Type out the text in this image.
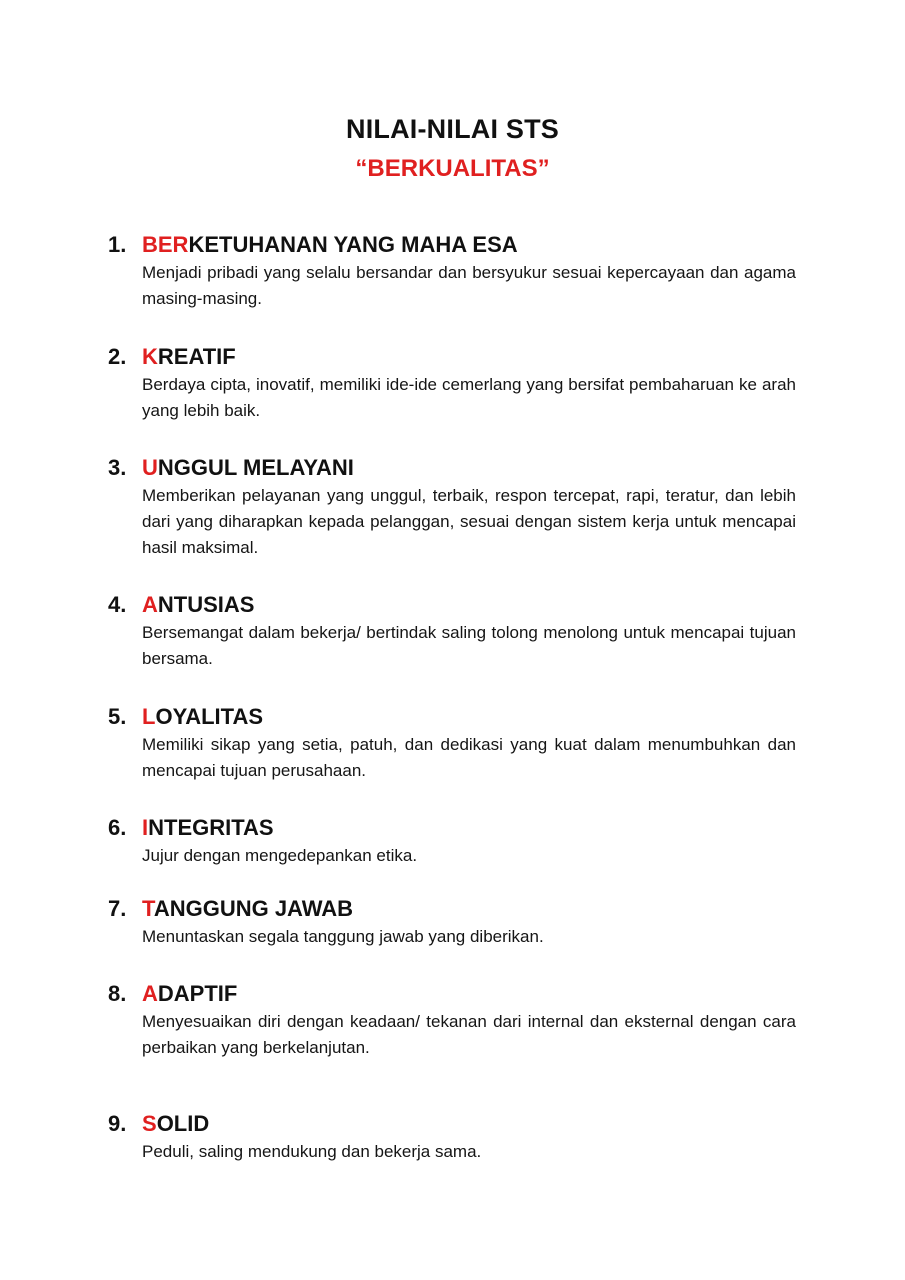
NILAI-NILAI STS
“BERKUALITAS”
1. BERKETUHANAN YANG MAHA ESA
Menjadi pribadi yang selalu bersandar dan bersyukur sesuai kepercayaan dan agama masing-masing.
2. KREATIF
Berdaya cipta, inovatif, memiliki ide-ide cemerlang yang bersifat pembaharuan ke arah yang lebih baik.
3. UNGGUL MELAYANI
Memberikan pelayanan yang unggul, terbaik, respon tercepat, rapi, teratur, dan lebih dari yang diharapkan kepada pelanggan, sesuai dengan sistem kerja untuk mencapai hasil maksimal.
4. ANTUSIAS
Bersemangat dalam bekerja/ bertindak saling tolong menolong untuk mencapai tujuan bersama.
5. LOYALITAS
Memiliki sikap yang setia, patuh, dan dedikasi yang kuat dalam menumbuhkan dan mencapai tujuan perusahaan.
6. INTEGRITAS
Jujur dengan mengedepankan etika.
7. TANGGUNG JAWAB
Menuntaskan segala tanggung jawab yang diberikan.
8. ADAPTIF
Menyesuaikan diri dengan keadaan/ tekanan dari internal dan eksternal dengan cara perbaikan yang berkelanjutan.
9. SOLID
Peduli, saling mendukung dan bekerja sama.
